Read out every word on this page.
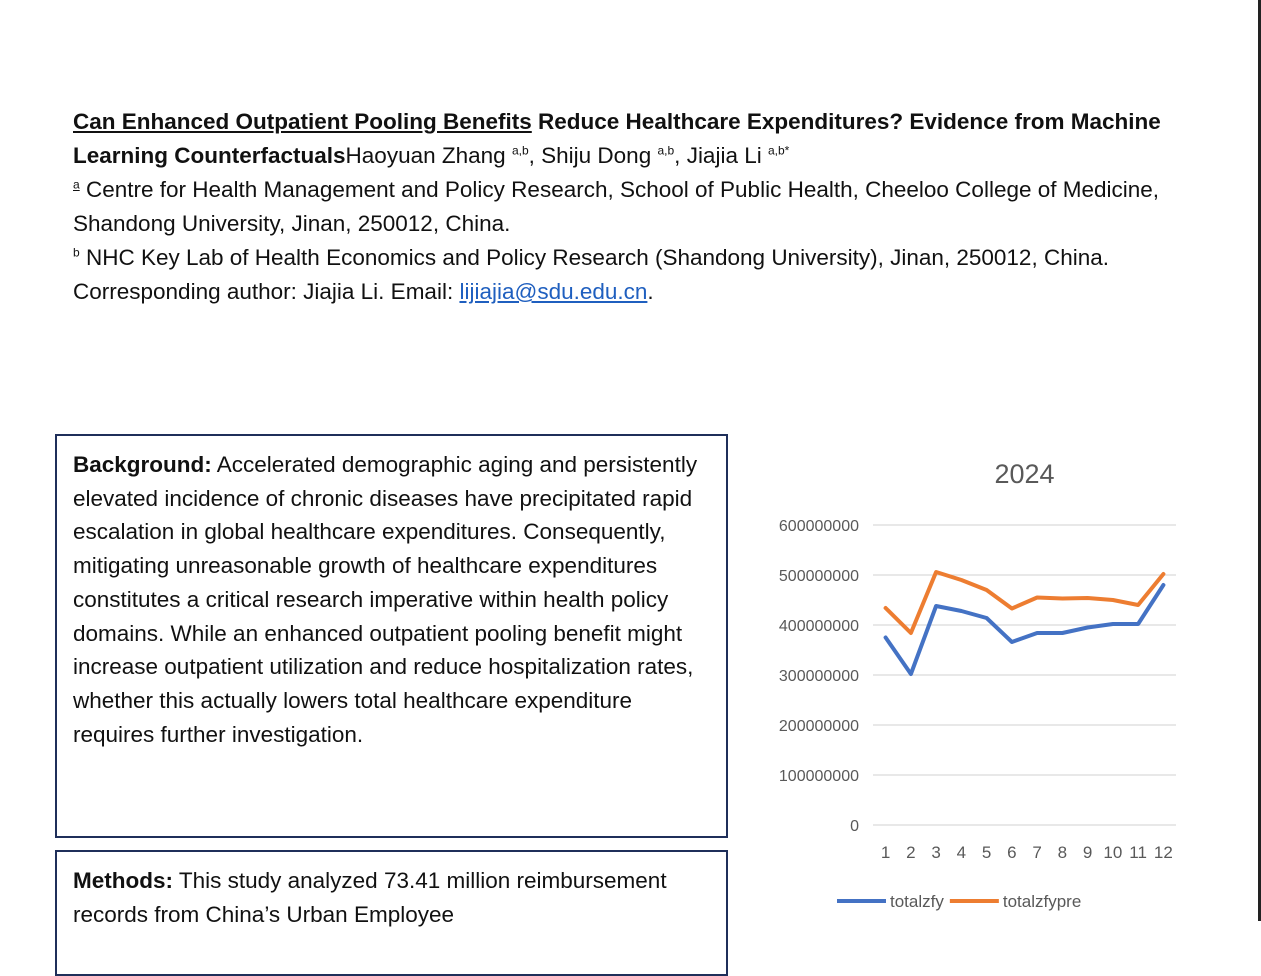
Can Enhanced Outpatient Pooling Benefits Reduce Healthcare Expenditures? Evidence from Machine Learning CounterfactualsHaoyuan Zhang $^{a,b}$, Shiju Dong $^{a,b}$, Jiajia Li $^{a,b*}$

$^a$ Centre for Health Management and Policy Research, School of Public Health, Cheeloo College of Medicine, Shandong University, Jinan, 250012, China.

$^b$ NHC Key Lab of Health Economics and Policy Research (Shandong University), Jinan, 250012, China.

Corresponding author: Jiajia Li. Email: lijiajia@sdu.edu.cn.

Background: Accelerated demographic aging and persistently elevated incidence of chronic diseases have precipitated rapid escalation in global healthcare expenditures. Consequently, mitigating unreasonable growth of healthcare expenditures constitutes a critical research imperative within health policy domains. While an enhanced outpatient pooling benefit might increase outpatient utilization and reduce hospitalization rates, whether this actually lowers total healthcare expenditure requires further investigation.

Methods: This study analyzed 73.41 million reimbursement records from China’s Urban Employee

2024
0
100000000
200000000
300000000
400000000
500000000
600000000
1 2 3 4 5 6 7 8 9 10 11 12
totalzfy	totalzfypre
